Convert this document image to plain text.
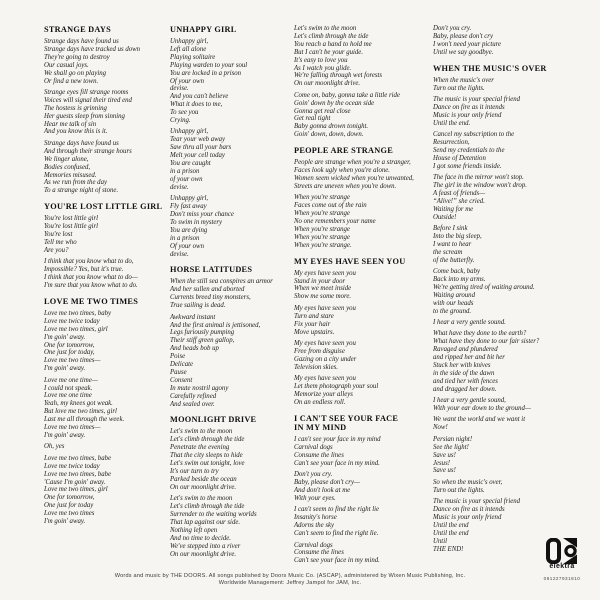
STRANGE DAYS
Strange days have found us
Strange days have tracked us down
They're going to destroy
Our casual joys.
We shall go on playing
Or find a new town.
Strange eyes fill strange rooms
Voices will signal their tired end
The hostess is grinning
Her guests sleep from sinning
Hear me talk of sin
And you know this is it.
Strange days have found us
And through their strange hours
We linger alone,
Bodies confused,
Memories misused.
As we run from the day
To a strange night of stone.
YOU'RE LOST LITTLE GIRL
You're lost little girl
You're lost little girl
You're lost
Tell me who
Are you?
I think that you know what to do,
Impossible? Yes, but it's true.
I think that you know what to do—
I'm sure that you know what to do.
LOVE ME TWO TIMES
Love me two times, baby
Love me twice today
Love me two times, girl
I'm goin' away.
One for tomorrow,
One just for today,
Love me two times—
I'm goin' away.
Love me one time—
I could not speak.
Love me one time
Yeah, my knees got weak.
But love me two times, girl
Last me all through the week.
Love me two times—
I'm goin' away.
Oh, yes
Love me two times, babe
Love me twice today
Love me two times, babe
'Cause I'm goin' away.
Love me two times, girl
One for tomorrow,
One just for today
Love me two times
I'm goin' away.
UNHAPPY GIRL
Unhappy girl,
Left all alone
Playing solitaire
Playing warden to your soul
You are locked in a prison
Of your own
devise.
And you can't believe
What it does to me,
To see you
Crying.
Unhappy girl,
Tear your web away
Saw thru all your bars
Melt your cell today
You are caught
in a prison
of your own
devise.
Unhappy girl,
Fly fast away
Don't miss your chance
To swim in mystery
You are dying
in a prison
Of your own
devise.
HORSE LATITUDES
When the still sea conspires an armor
And her sullen and aborted
Currents breed tiny monsters,
True sailing is dead.
Awkward instant
And the first animal is jettisoned,
Legs furiously pumping
Their stiff green gallop,
And heads bob up
Poise
Delicate
Pause
Consent
In mute nostril agony
Carefully refined
And sealed over.
MOONLIGHT DRIVE
Let's swim to the moon
Let's climb through the tide
Penetrate the evening
That the city sleeps to hide
Let's swim out tonight, love
It's our turn to try
Parked beside the ocean
On our moonlight drive.
Let's swim to the moon
Let's climb through the tide
Surrender to the waiting worlds
That lap against our side.
Nothing left open
And no time to decide.
We've stepped into a river
On our moonlight drive.
Let's swim to the moon
Let's climb through the tide
You reach a hand to hold me
But I can't be your guide.
It's easy to love you
As I watch you glide.
We're falling through wet forests
On our moonlight drive.
Come on, baby, gonna take a little ride
Goin' down by the ocean side
Gonna get real close
Get real tight
Baby gonna drown tonight.
Goin' down, down, down.
PEOPLE ARE STRANGE
People are strange when you're a stranger,
Faces look ugly when you're alone.
Women seem wicked when you're unwanted,
Streets are uneven when you're down.
When you're strange
Faces come out of the rain
When you're strange
No one remembers your name
When you're strange
When you're strange
When you're strange.
MY EYES HAVE SEEN YOU
My eyes have seen you
Stand in your door
When we meet inside
Show me some more.
My eyes have seen you
Turn and stare
Fix your hair
Move upstairs.
My eyes have seen you
Free from disguise
Gazing on a city under
Television skies.
My eyes have seen you
Let them photograph your soul
Memorize your alleys
On an endless roll.
I CAN'T SEE YOUR FACE
IN MY MIND
I can't see your face in my mind
Carnival dogs
Consume the lines
Can't see your face in my mind.
Don't you cry.
Baby, please don't cry—
And don't look at me
With your eyes.
I can't seem to find the right lie
Insanity's horse
Adorns the sky
Can't seem to find the right lie.
Carnival dogs
Consume the lines
Can't see your face in my mind.
Don't you cry.
Baby, please don't cry
I won't need your picture
Until we say goodbye.
WHEN THE MUSIC'S OVER
When the music's over
Turn out the lights.
The music is your special friend
Dance on fire as it intends
Music is your only friend
Until the end.
Cancel my subscription to the
Resurrection,
Send my credentials to the
House of Detention
I got some friends inside.
The face in the mirror won't stop.
The girl in the window won't drop.
A feast of friends—
“Alive!” she cried.
Waiting for me
Outside!
Before I sink
Into the big sleep,
I want to hear
the scream
of the butterfly.
Come back, baby
Back into my arms.
We're getting tired of waiting around.
Waiting around
with our heads
to the ground.
I hear a very gentle sound.
What have they done to the earth?
What have they done to our fair sister?
Ravaged and plundered
and ripped her and bit her
Stuck her with knives
in the side of the dawn
and tied her with fences
and dragged her down.
I hear a very gentle sound,
With your ear down to the ground—
We want the world and we want it
Now!
Persian night!
See the light!
Save us!
Jesus!
Save us!
So when the music's over,
Turn out the lights.
The music is your special friend
Dance on fire as it intends
Music is your only friend
Until the end
Until the end
Until
THE END!
elektra
081227931810
Words and music by THE DOORS. All songs published by Doors Music Co. (ASCAP), administered by Wixen Music Publishing, Inc.
Worldwide Management: Jeffrey Jampol for JAM, Inc.
